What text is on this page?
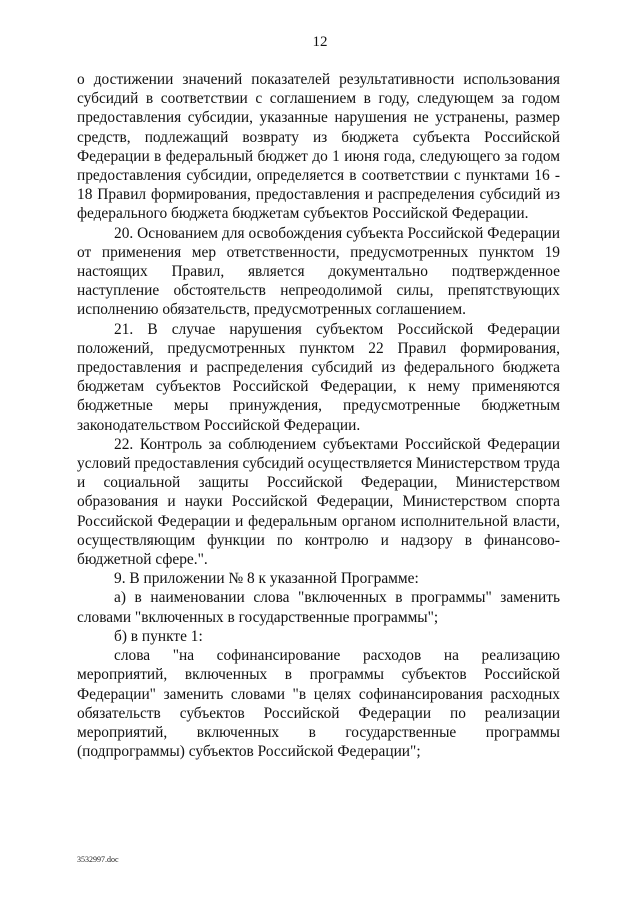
12

о достижении значений показателей результативности использования субсидий в соответствии с соглашением в году, следующем за годом предоставления субсидии, указанные нарушения не устранены, размер средств, подлежащий возврату из бюджета субъекта Российской Федерации в федеральный бюджет до 1 июня года, следующего за годом предоставления субсидии, определяется в соответствии с пунктами 16 - 18 Правил формирования, предоставления и распределения субсидий из федерального бюджета бюджетам субъектов Российской Федерации.

20. Основанием для освобождения субъекта Российской Федерации от применения мер ответственности, предусмотренных пунктом 19 настоящих Правил, является документально подтвержденное наступление обстоятельств непреодолимой силы, препятствующих исполнению обязательств, предусмотренных соглашением.

21. В случае нарушения субъектом Российской Федерации положений, предусмотренных пунктом 22 Правил формирования, предоставления и распределения субсидий из федерального бюджета бюджетам субъектов Российской Федерации, к нему применяются бюджетные меры принуждения, предусмотренные бюджетным законодательством Российской Федерации.

22. Контроль за соблюдением субъектами Российской Федерации условий предоставления субсидий осуществляется Министерством труда и социальной защиты Российской Федерации, Министерством образования и науки Российской Федерации, Министерством спорта Российской Федерации и федеральным органом исполнительной власти, осуществляющим функции по контролю и надзору в финансово-бюджетной сфере.".

9. В приложении № 8 к указанной Программе:

а) в наименовании слова "включенных в программы" заменить словами "включенных в государственные программы";

б) в пункте 1:

слова "на софинансирование расходов на реализацию мероприятий, включенных в программы субъектов Российской Федерации" заменить словами "в целях софинансирования расходных обязательств субъектов Российской Федерации по реализации мероприятий, включенных в государственные программы (подпрограммы) субъектов Российской Федерации";

3532997.doc
